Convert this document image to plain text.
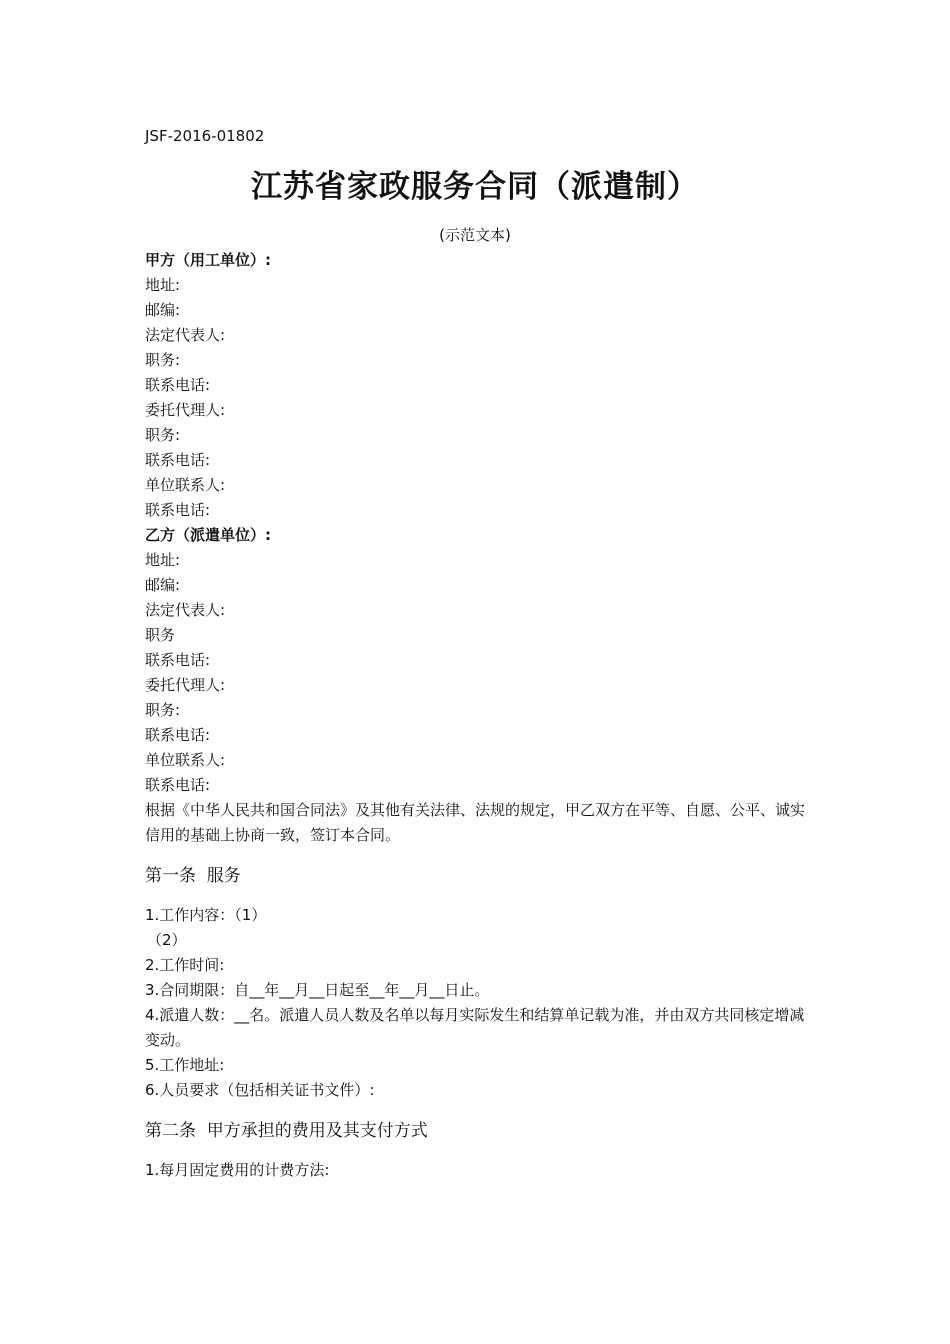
JSF-2016-01802
江苏省家政服务合同（派遣制）
(示范文本)
甲方（用工单位）:
地址:
邮编:
法定代表人:
职务:
联系电话:
委托代理人:
职务:
联系电话:
单位联系人:
联系电话:
乙方（派遣单位）:
地址:
邮编:
法定代表人:
职务
联系电话:
委托代理人:
职务:
联系电话:
单位联系人:
联系电话:
根据《中华人民共和国合同法》及其他有关法律、法规的规定，甲乙双方在平等、自愿、公平、诚实信用的基础上协商一致，签订本合同。
第一条  服务
1.工作内容：（1）
（2）
2.工作时间:
3.合同期限：自__年__月__日起至__年__月__日止。
4.派遣人数：__名。派遣人员人数及名单以每月实际发生和结算单记载为准，并由双方共同核定增减变动。
5.工作地址:
6.人员要求（包括相关证书文件）:
第二条  甲方承担的费用及其支付方式
1.每月固定费用的计费方法:
